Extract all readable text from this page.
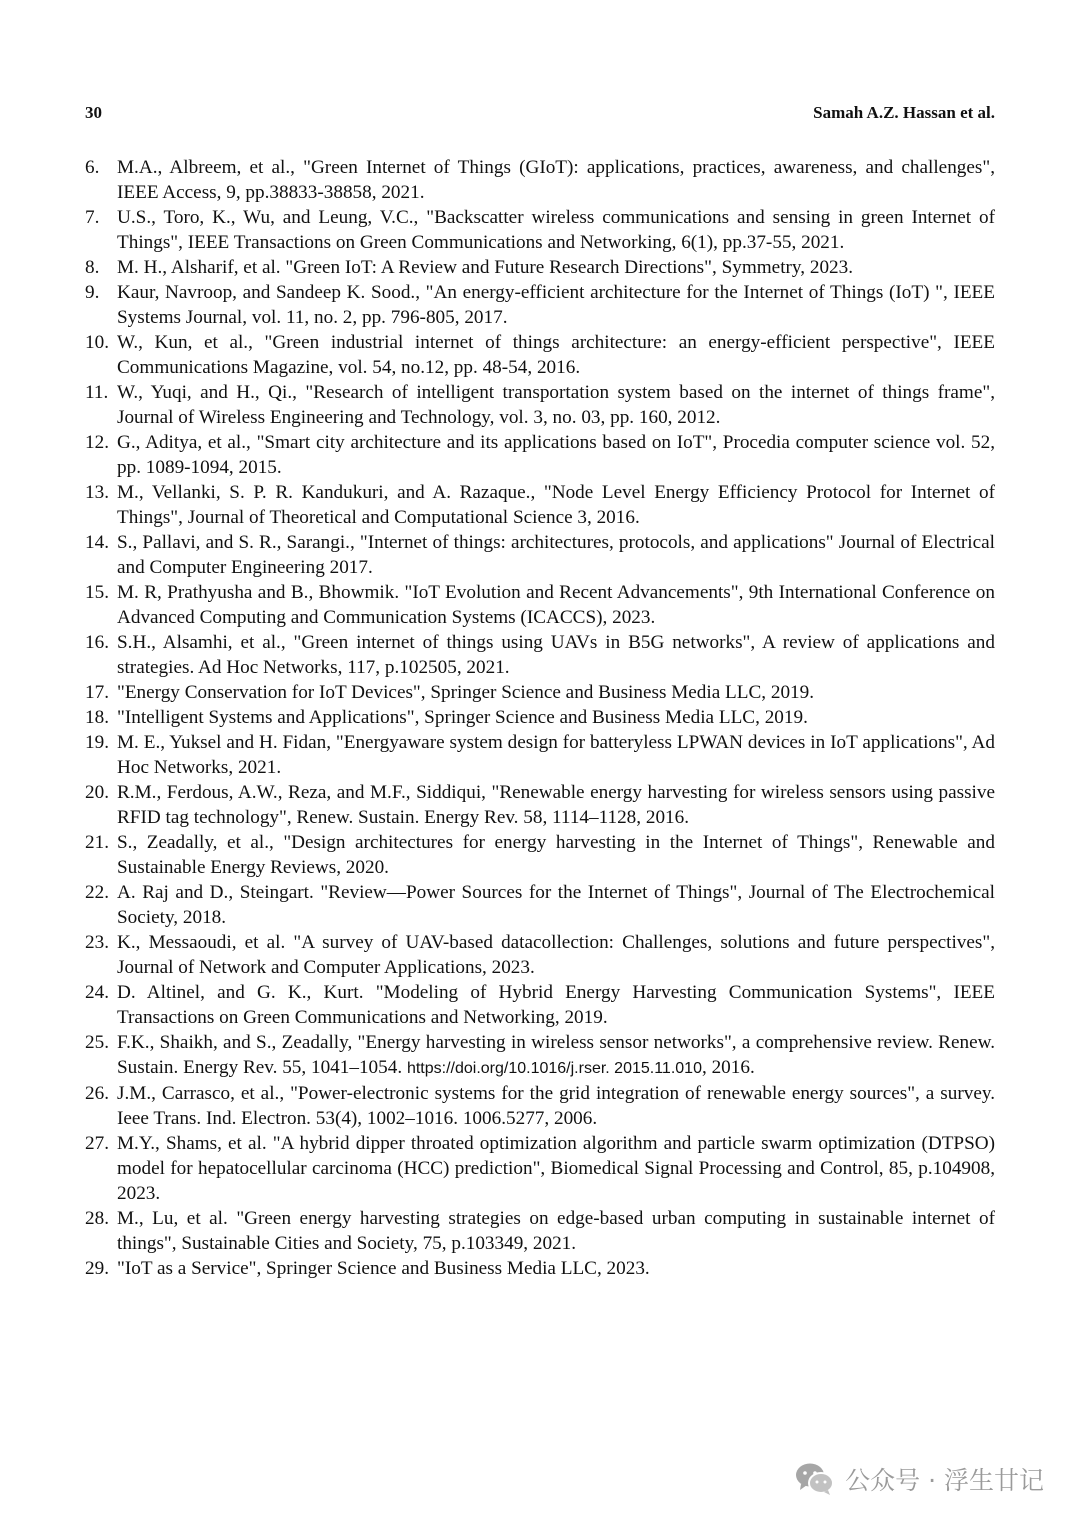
30	Samah A.Z. Hassan et al.
6. M.A., Albreem, et al., "Green Internet of Things (GIoT): applications, practices, awareness, and challenges", IEEE Access, 9, pp.38833-38858, 2021.
7. U.S., Toro, K., Wu, and Leung, V.C., "Backscatter wireless communications and sensing in green Internet of Things", IEEE Transactions on Green Communications and Networking, 6(1), pp.37-55, 2021.
8. M. H., Alsharif, et al. "Green IoT: A Review and Future Research Directions", Symmetry, 2023.
9. Kaur, Navroop, and Sandeep K. Sood., "An energy-efficient architecture for the Internet of Things (IoT) ", IEEE Systems Journal, vol. 11, no. 2, pp. 796-805, 2017.
10. W., Kun, et al., "Green industrial internet of things architecture: an energy-efficient perspective", IEEE Communications Magazine, vol. 54, no.12, pp. 48-54, 2016.
11. W., Yuqi, and H., Qi., "Research of intelligent transportation system based on the internet of things frame", Journal of Wireless Engineering and Technology, vol. 3, no. 03, pp. 160, 2012.
12. G., Aditya, et al., "Smart city architecture and its applications based on IoT", Procedia computer science vol. 52, pp. 1089-1094, 2015.
13. M., Vellanki, S. P. R. Kandukuri, and A. Razaque., "Node Level Energy Efficiency Protocol for Internet of Things", Journal of Theoretical and Computational Science 3, 2016.
14. S., Pallavi, and S. R., Sarangi., "Internet of things: architectures, protocols, and applications" Journal of Electrical and Computer Engineering 2017.
15. M. R, Prathyusha and B., Bhowmik. "IoT Evolution and Recent Advancements", 9th International Conference on Advanced Computing and Communication Systems (ICACCS), 2023.
16. S.H., Alsamhi, et al., "Green internet of things using UAVs in B5G networks", A review of applications and strategies. Ad Hoc Networks, 117, p.102505, 2021.
17. "Energy Conservation for IoT Devices", Springer Science and Business Media LLC, 2019.
18. "Intelligent Systems and Applications", Springer Science and Business Media LLC, 2019.
19. M. E., Yuksel and H. Fidan, "Energyaware system design for batteryless LPWAN devices in IoT applications", Ad Hoc Networks, 2021.
20. R.M., Ferdous, A.W., Reza, and M.F., Siddiqui, "Renewable energy harvesting for wireless sensors using passive RFID tag technology", Renew. Sustain. Energy Rev. 58, 1114–1128, 2016.
21. S., Zeadally, et al., "Design architectures for energy harvesting in the Internet of Things", Renewable and Sustainable Energy Reviews, 2020.
22. A. Raj and D., Steingart. "Review—Power Sources for the Internet of Things", Journal of The Electrochemical Society, 2018.
23. K., Messaoudi, et al. "A survey of UAV-based datacollection: Challenges, solutions and future perspectives", Journal of Network and Computer Applications, 2023.
24. D. Altinel, and G. K., Kurt. "Modeling of Hybrid Energy Harvesting Communication Systems", IEEE Transactions on Green Communications and Networking, 2019.
25. F.K., Shaikh, and S., Zeadally, "Energy harvesting in wireless sensor networks", a comprehensive review. Renew. Sustain. Energy Rev. 55, 1041–1054. https://doi.org/10.1016/j.rser. 2015.11.010, 2016.
26. J.M., Carrasco, et al., "Power-electronic systems for the grid integration of renewable energy sources", a survey. Ieee Trans. Ind. Electron. 53(4), 1002–1016. 1006.5277, 2006.
27. M.Y., Shams, et al. "A hybrid dipper throated optimization algorithm and particle swarm optimization (DTPSO) model for hepatocellular carcinoma (HCC) prediction", Biomedical Signal Processing and Control, 85, p.104908, 2023.
28. M., Lu, et al. "Green energy harvesting strategies on edge-based urban computing in sustainable internet of things", Sustainable Cities and Society, 75, p.103349, 2021.
29. "IoT as a Service", Springer Science and Business Media LLC, 2023.
公众号 · 浮生廿记
